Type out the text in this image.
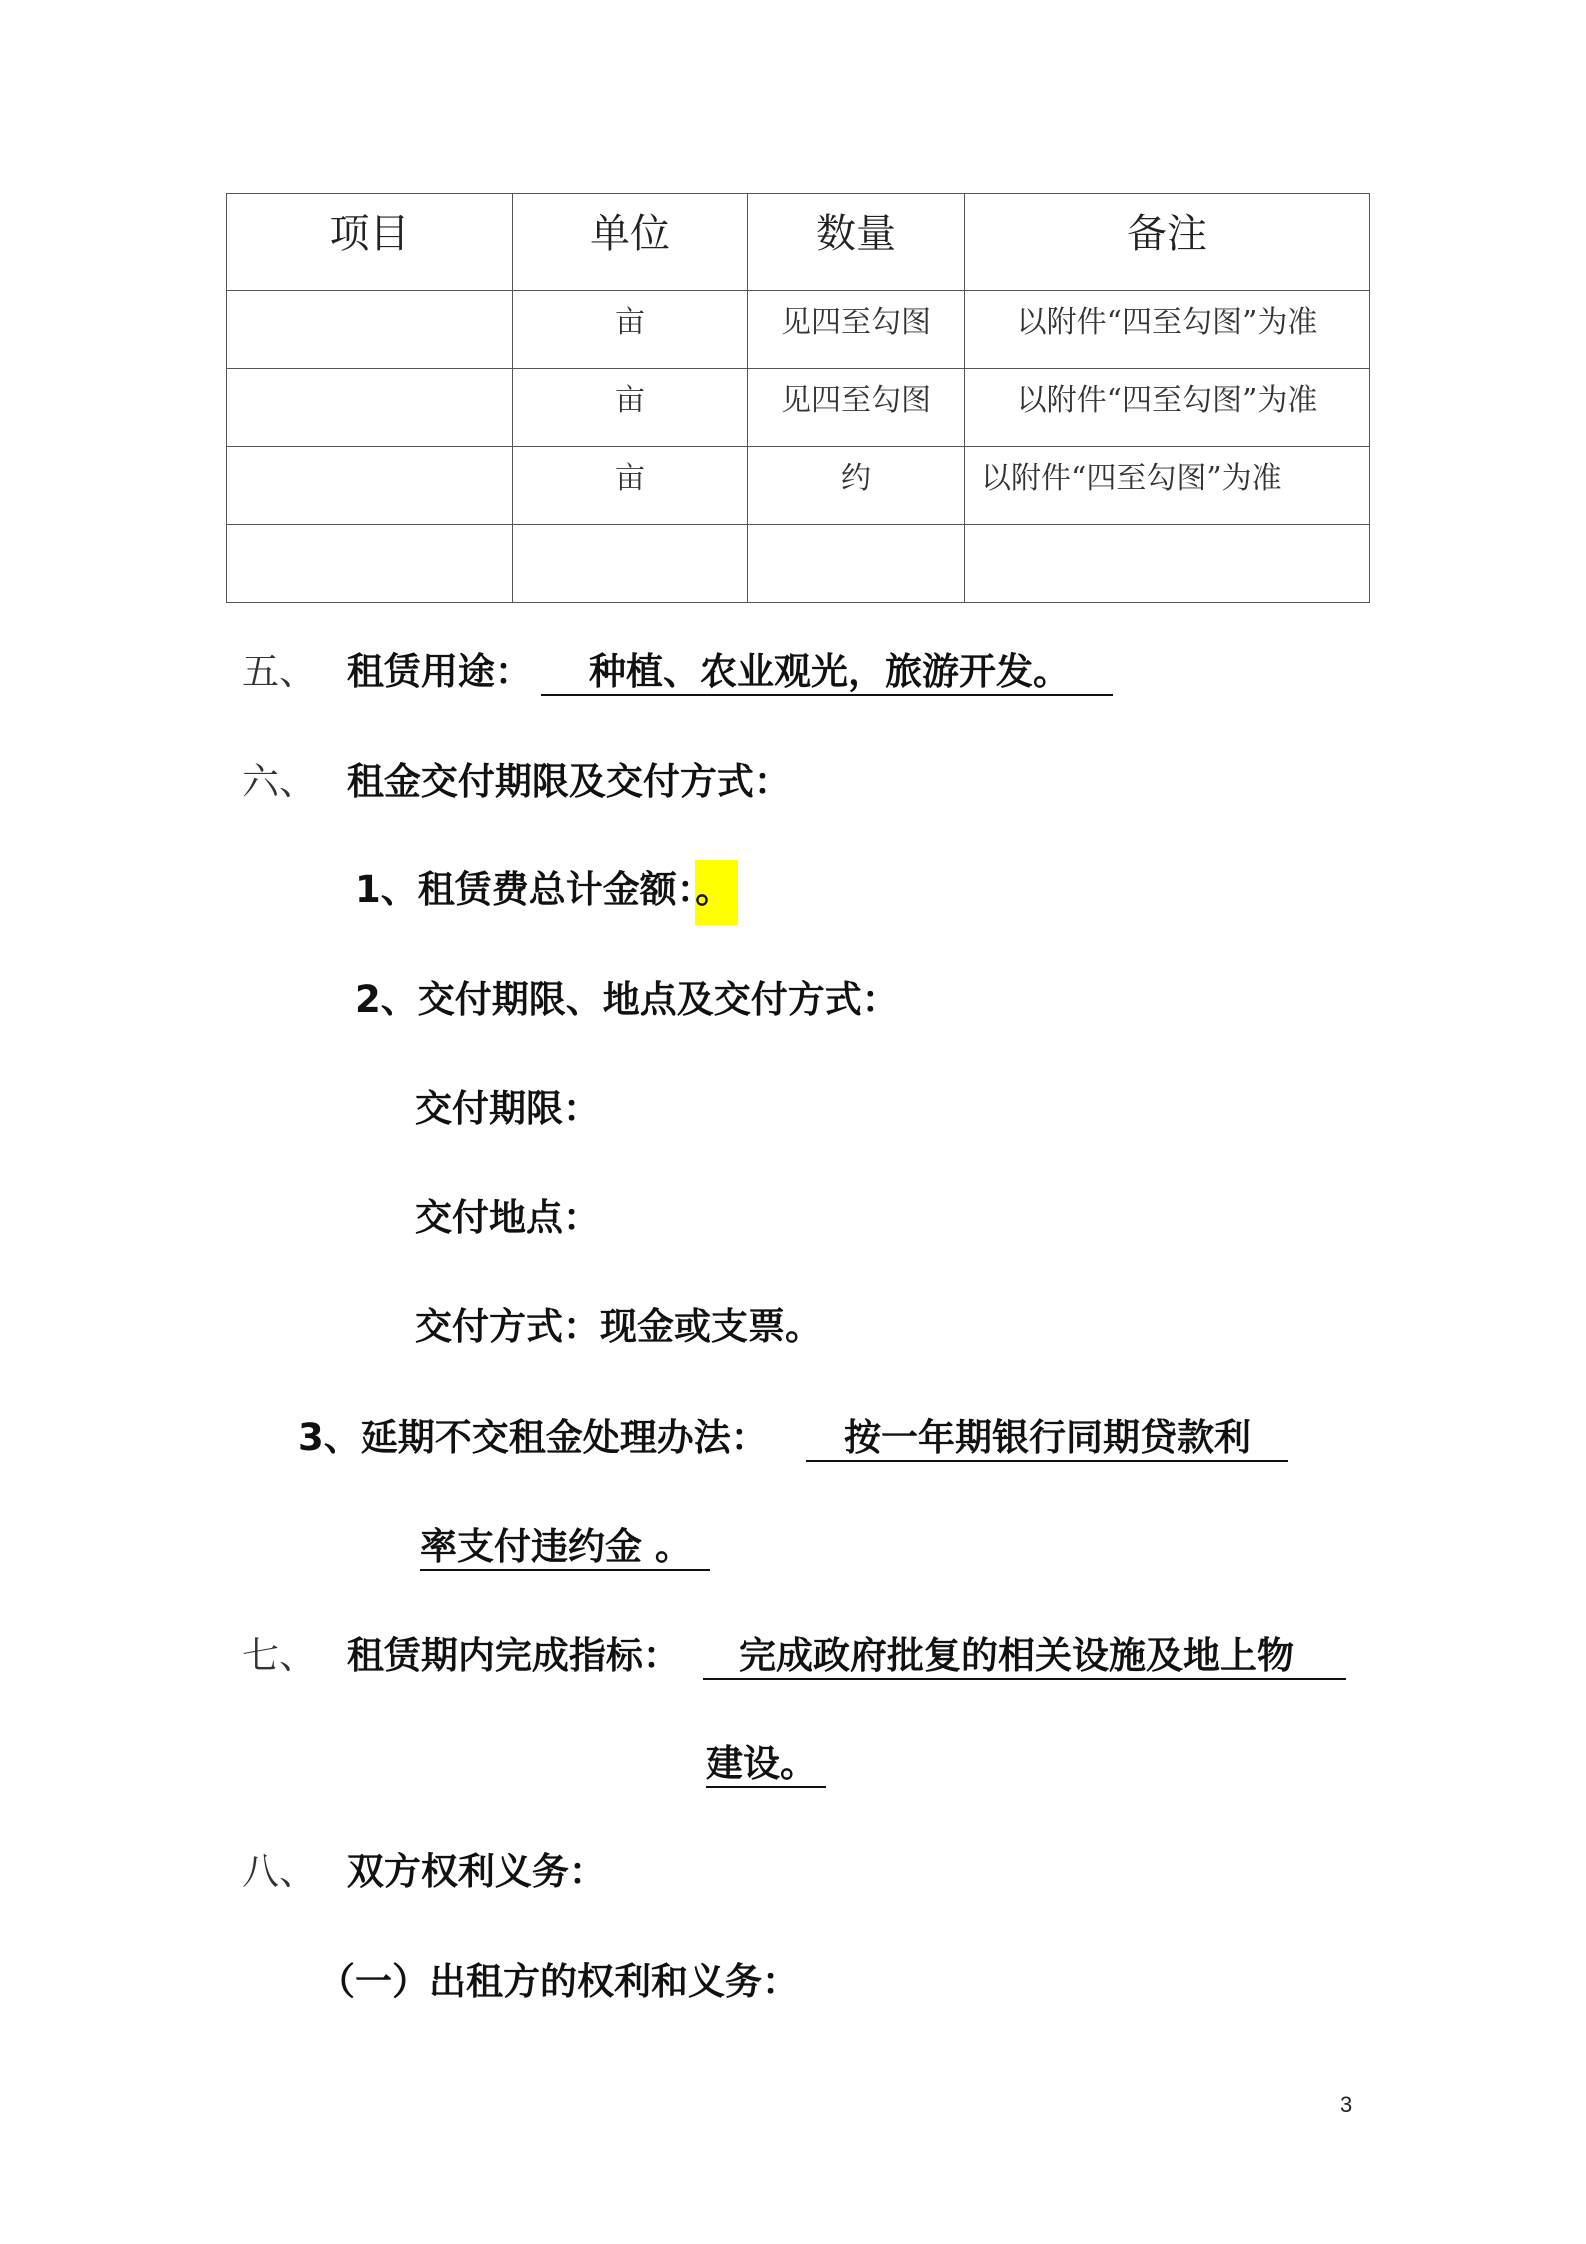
项目	单位	数量	备注
	亩	见四至勾图	以附件“四至勾图”为准
	亩	见四至勾图	以附件“四至勾图”为准
	亩	约	以附件“四至勾图”为准

五、 租赁用途：	种植、农业观光，旅游开发。
六、 租金交付期限及交付方式：
1、租赁费总计金额：。
2、交付期限、地点及交付方式：
交付期限：
交付地点：
交付方式：现金或支票。
3、延期不交租金处理办法：	按一年期银行同期贷款利
率支付违约金 。
七、 租赁期内完成指标：	完成政府批复的相关设施及地上物
建设。
八、 双方权利义务：
（一）出租方的权利和义务：
3
